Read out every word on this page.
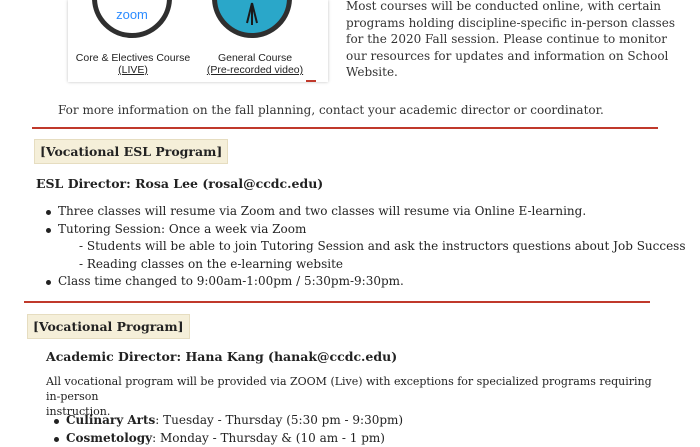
zoom
Core & Electives Course
(LIVE)
General Course
(Pre-recorded video)
Most courses will be conducted online, with certain
programs holding discipline-specific in-person classes
for the 2020 Fall session. Please continue to monitor
our resources for updates and information on School
Website.
For more information on the fall planning, contact your academic director or coordinator.
[Vocational ESL Program]
ESL Director: Rosa Lee (rosal@ccdc.edu)
Three classes will resume via Zoom and two classes will resume via Online E-learning.
Tutoring Session: Once a week via Zoom
- Students will be able to join Tutoring Session and ask the instructors questions about Job Success
- Reading classes on the e-learning website
Class time changed to 9:00am-1:00pm / 5:30pm-9:30pm.
[Vocational Program]
Academic Director: Hana Kang (hanak@ccdc.edu)
All vocational program will be provided via ZOOM (Live) with exceptions for specialized programs requiring in-person
instruction.
Culinary Arts: Tuesday - Thursday (5:30 pm - 9:30pm)
Cosmetology: Monday - Thursday & (10 am - 1 pm)
